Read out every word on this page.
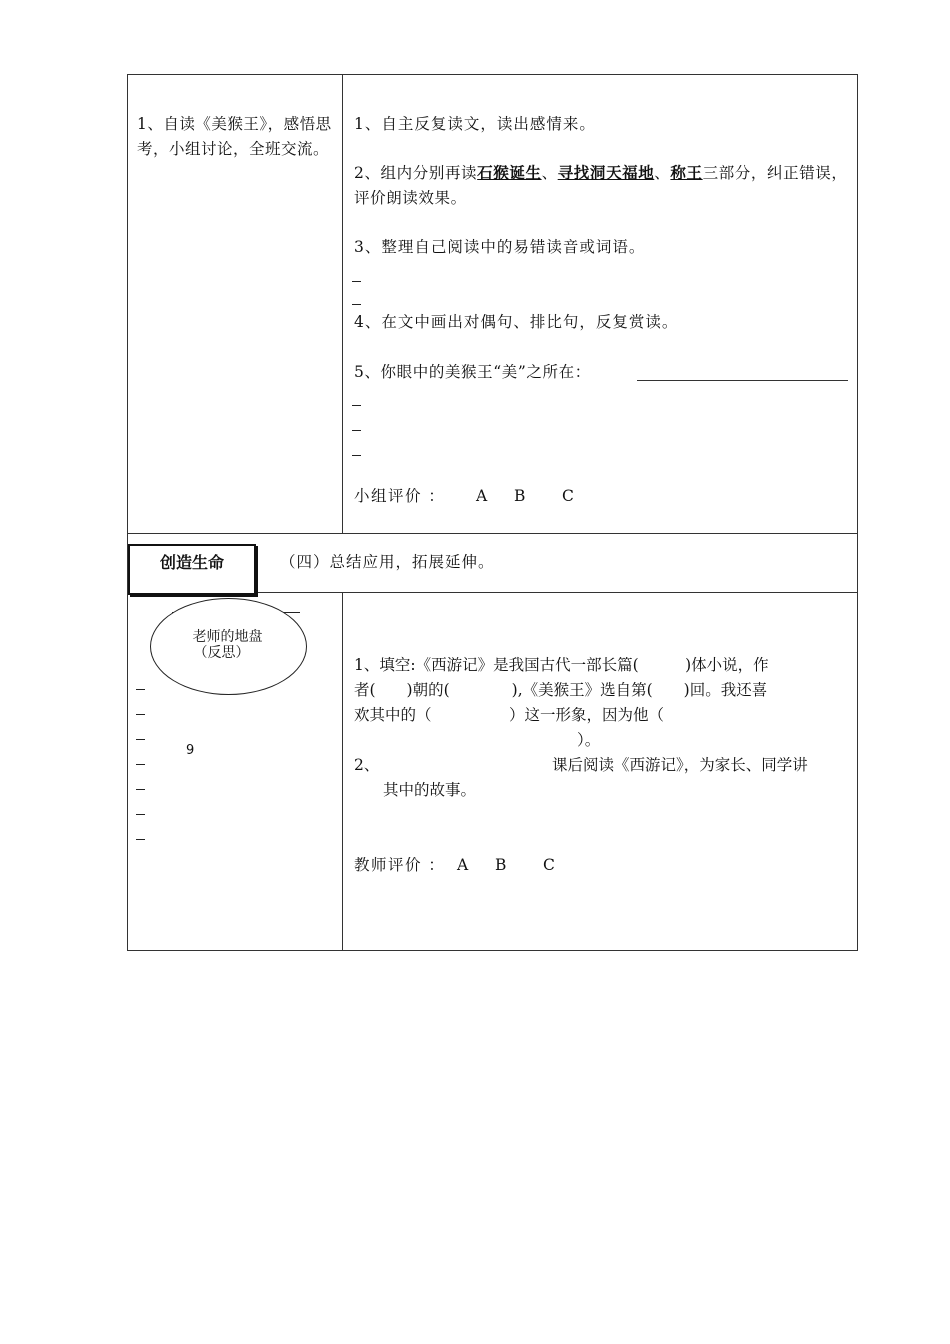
1、自读《美猴王》，感悟思考，小组讨论，全班交流。
1、自主反复读文，读出感情来。
2、组内分别再读石猴诞生、寻找洞天福地、称王三部分，纠正错误，评价朗读效果。
3、整理自己阅读中的易错读音或词语。
4、在文中画出对偶句、排比句，反复赏读。
5、你眼中的美猴王“美”之所在：
小组评价 ： A B C
创造生命	（四）总结应用，拓展延伸。
老师的地盘
（反思）
9
1、填空:《西游记》是我国古代一部长篇(　　　)体小说，作
者(　　)朝的(　　　　),《美猴王》选自第(　　)回。我还喜
欢其中的（　　　　　）这一形象，因为他（
）。
2、	课后阅读《西游记》，为家长、同学讲
其中的故事。
教师评价 ： A B C
